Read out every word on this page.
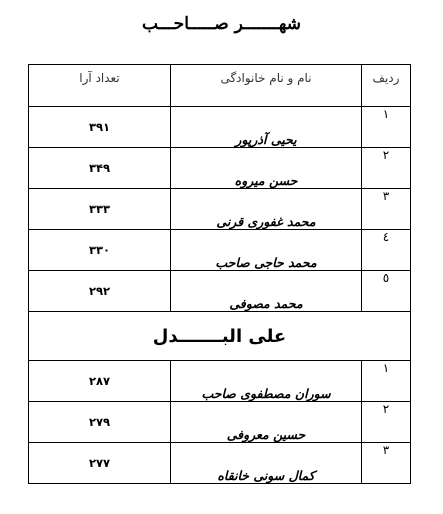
شهـــــــر صـــــاحـــب
ردیف	نام و نام خانوادگی	تعداد آرا
١	یحیی آذرپور	۳۹۱
٢	حسن میروه	۳۴۹
٣	محمد غفوری قرنی	۳۳۳
٤	محمد حاجی صاحب	۳۳۰
٥	محمد مصوفی	۲۹۲
علی البـــــــدل		
١	سوران مصطفوی صاحب	۲۸۷
٢	حسین معروفی	۲۷۹
٣	کمال سونی خانقاه	۲۷۷
